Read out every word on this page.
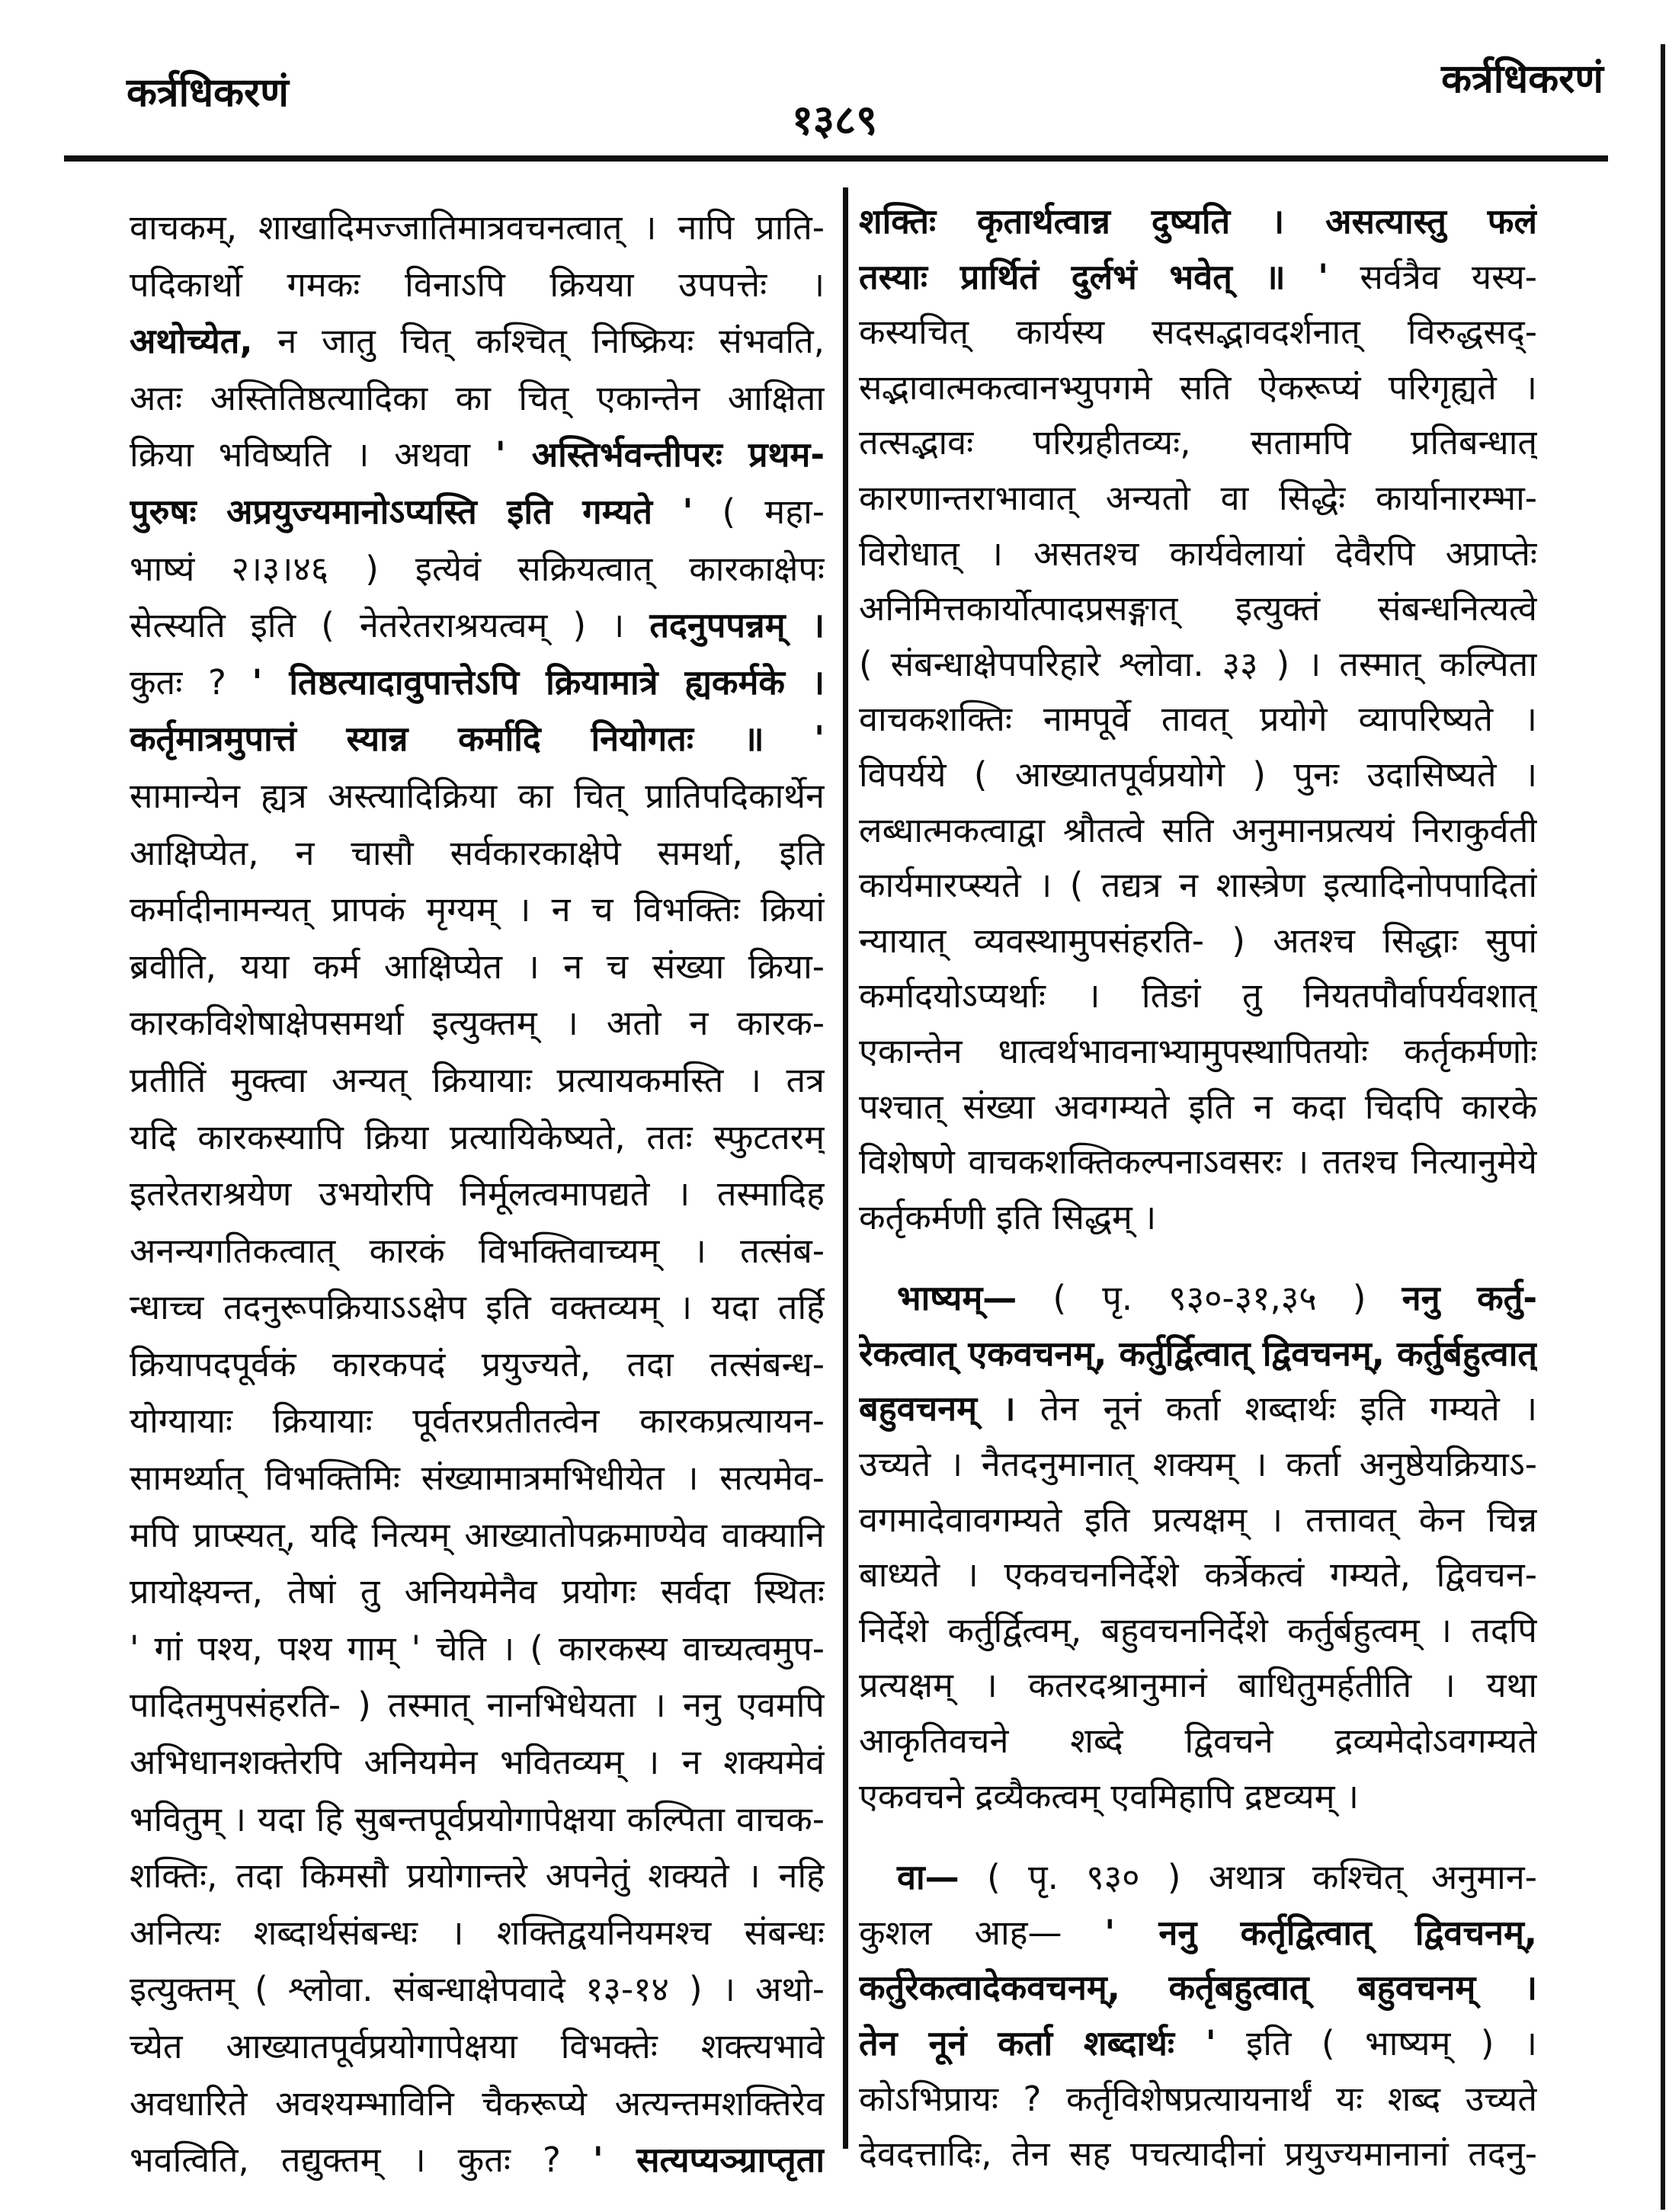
कर्त्रधिकरणं
१३८९
कर्त्रधिकरणं
वाचकम्, शाखादिमज्जातिमात्रवचनत्वात् । नापि प्राति-
पदिकार्थो गमकः विनाऽपि क्रियया उपपत्तेः ।
अथोच्येत, न जातु चित् कश्चित् निष्क्रियः संभवति,
अतः अस्तितिष्ठत्यादिका का चित् एकान्तेन आक्षिता
क्रिया भविष्यति । अथवा ' अस्तिर्भवन्तीपरः प्रथम-
पुरुषः अप्रयुज्यमानोऽप्यस्ति इति गम्यते ' ( महा-
भाष्यं २।३।४६ ) इत्येवं सक्रियत्वात् कारकाक्षेपः
सेत्स्यति इति ( नेतरेतराश्रयत्वम् ) । तदनुपपन्नम् ।
कुतः ? ' तिष्ठत्यादावुपात्तेऽपि क्रियामात्रे ह्यकर्मके ।
कर्तृमात्रमुपात्तं स्यान्न कर्मादि नियोगतः ॥ '
सामान्येन ह्यत्र अस्त्यादिक्रिया का चित् प्रातिपदिकार्थेन
आक्षिप्येत, न चासौ सर्वकारकाक्षेपे समर्था, इति
कर्मादीनामन्यत् प्रापकं मृग्यम् । न च विभक्तिः क्रियां
ब्रवीति, यया कर्म आक्षिप्येत । न च संख्या क्रिया-
कारकविशेषाक्षेपसमर्था इत्युक्तम् । अतो न कारक-
प्रतीतिं मुक्त्वा अन्यत् क्रियायाः प्रत्यायकमस्ति । तत्र
यदि कारकस्यापि क्रिया प्रत्यायिकेष्यते, ततः स्फुटतरम्
इतरेतराश्रयेण उभयोरपि निर्मूलत्वमापद्यते । तस्मादिह
अनन्यगतिकत्वात् कारकं विभक्तिवाच्यम् । तत्संब-
न्धाच्च तदनुरूपक्रियाऽऽक्षेप इति वक्तव्यम् । यदा तर्हि
क्रियापदपूर्वकं कारकपदं प्रयुज्यते, तदा तत्संबन्ध-
योग्यायाः क्रियायाः पूर्वतरप्रतीतत्वेन कारकप्रत्यायन-
सामर्थ्यात् विभक्तिमिः संख्यामात्रमभिधीयेत । सत्यमेव-
मपि प्राप्स्यत्, यदि नित्यम् आख्यातोपक्रमाण्येव वाक्यानि
प्रायोक्ष्यन्त, तेषां तु अनियमेनैव प्रयोगः सर्वदा स्थितः
' गां पश्य, पश्य गाम् ' चेति । ( कारकस्य वाच्यत्वमुप-
पादितमुपसंहरति- ) तस्मात् नानभिधेयता । ननु एवमपि
अभिधानशक्तेरपि अनियमेन भवितव्यम् । न शक्यमेवं
भवितुम् । यदा हि सुबन्तपूर्वप्रयोगापेक्षया कल्पिता वाचक-
शक्तिः, तदा किमसौ प्रयोगान्तरे अपनेतुं शक्यते । नहि
अनित्यः शब्दार्थसंबन्धः । शक्तिद्वयनियमश्च संबन्धः
इत्युक्तम् ( श्लोवा. संबन्धाक्षेपवादे १३-१४ ) । अथो-
च्येत आख्यातपूर्वप्रयोगापेक्षया विभक्तेः शक्त्यभावे
अवधारिते अवश्यम्भाविनि चैकरूप्ये अत्यन्तमशक्तिरेव
भवत्विति, तद्युक्तम् । कुतः ? ' सत्यप्यञ्ग्राप्तृता
शक्तिः कृतार्थत्वान्न दुष्यति । असत्यास्तु फलं
तस्याः प्रार्थितं दुर्लभं भवेत् ॥ ' सर्वत्रैव यस्य-
कस्यचित् कार्यस्य सदसद्भावदर्शनात् विरुद्धसद्-
सद्भावात्मकत्वानभ्युपगमे सति ऐकरूप्यं परिगृह्यते ।
तत्सद्भावः परिग्रहीतव्यः, सतामपि प्रतिबन्धात्
कारणान्तराभावात् अन्यतो वा सिद्धेः कार्यानारम्भा-
विरोधात् । असतश्च कार्यवेलायां देवैरपि अप्राप्तेः
अनिमित्तकार्योत्पादप्रसङ्गात् इत्युक्तं संबन्धनित्यत्वे
( संबन्धाक्षेपपरिहारे श्लोवा. ३३ ) । तस्मात् कल्पिता
वाचकशक्तिः नामपूर्वे तावत् प्रयोगे व्यापरिष्यते ।
विपर्यये ( आख्यातपूर्वप्रयोगे ) पुनः उदासिष्यते ।
लब्धात्मकत्वाद्वा श्रौतत्वे सति अनुमानप्रत्ययं निराकुर्वती
कार्यमारप्स्यते । ( तद्यत्र न शास्त्रेण इत्यादिनोपपादितां
न्यायात् व्यवस्थामुपसंहरति- ) अतश्च सिद्धाः सुपां
कर्मादयोऽप्यर्थाः । तिङां तु नियतपौर्वापर्यवशात्
एकान्तेन धात्वर्थभावनाभ्यामुपस्थापितयोः कर्तृकर्मणोः
पश्चात् संख्या अवगम्यते इति न कदा चिदपि कारके
विशेषणे वाचकशक्तिकल्पनाऽवसरः । ततश्च नित्यानुमेये
कर्तृकर्मणी इति सिद्धम् ।
भाष्यम्— ( पृ. ९३०-३१,३५ ) ननु कर्तु-
रेकत्वात् एकवचनम्, कर्तुर्द्वित्वात् द्विवचनम्, कर्तुर्बहुत्वात्
बहुवचनम् । तेन नूनं कर्ता शब्दार्थः इति गम्यते ।
उच्यते । नैतदनुमानात् शक्यम् । कर्ता अनुष्ठेयक्रियाऽ-
वगमादेवावगम्यते इति प्रत्यक्षम् । तत्तावत् केन चिन्न
बाध्यते । एकवचननिर्देशे कर्त्रेकत्वं गम्यते, द्विवचन-
निर्देशे कर्तुर्द्वित्वम्, बहुवचननिर्देशे कर्तुर्बहुत्वम् । तदपि
प्रत्यक्षम् । कतरदश्रानुमानं बाधितुमर्हतीति । यथा
आकृतिवचने शब्दे द्विवचने द्रव्यमेदोऽवगम्यते
एकवचने द्रव्यैकत्वम् एवमिहापि द्रष्टव्यम् ।
वा— ( पृ. ९३० ) अथात्र कश्चित् अनुमान-
कुशल आह— ' ननु कर्तृद्वित्वात् द्विवचनम्,
कर्तुरेकत्वादेकवचनम्, कर्तृबहुत्वात् बहुवचनम् ।
तेन नूनं कर्ता शब्दार्थः ' इति ( भाष्यम् ) ।
कोऽभिप्रायः ? कर्तृविशेषप्रत्यायनार्थं यः शब्द उच्यते
देवदत्तादिः, तेन सह पचत्यादीनां प्रयुज्यमानानां तदनु-
